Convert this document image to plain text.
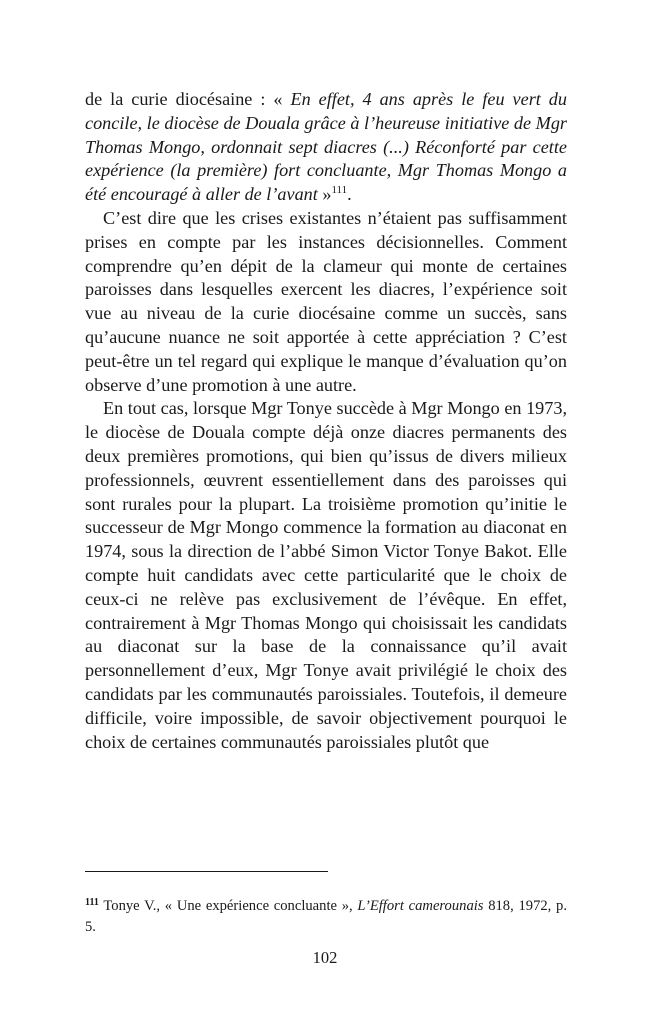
de la curie diocésaine : « En effet, 4 ans après le feu vert du concile, le diocèse de Douala grâce à l’heureuse initiative de Mgr Thomas Mongo, ordonnait sept diacres (...) Réconforté par cette expérience (la première) fort concluante, Mgr Thomas Mongo a été encouragé à aller de l’avant »$^{111}$.

C’est dire que les crises existantes n’étaient pas suffisamment prises en compte par les instances décisionnelles. Comment comprendre qu’en dépit de la clameur qui monte de certaines paroisses dans lesquelles exercent les diacres, l’expérience soit vue au niveau de la curie diocésaine comme un succès, sans qu’aucune nuance ne soit apportée à cette appréciation ? C’est peut-être un tel regard qui explique le manque d’évaluation qu’on observe d’une promotion à une autre.

En tout cas, lorsque Mgr Tonye succède à Mgr Mongo en 1973, le diocèse de Douala compte déjà onze diacres permanents des deux premières promotions, qui bien qu’issus de divers milieux professionnels, œuvrent essentiellement dans des paroisses qui sont rurales pour la plupart. La troisième promotion qu’initie le successeur de Mgr Mongo commence la formation au diaconat en 1974, sous la direction de l’abbé Simon Victor Tonye Bakot. Elle compte huit candidats avec cette particularité que le choix de ceux-ci ne relève pas exclusivement de l’évêque. En effet, contrairement à Mgr Thomas Mongo qui choisissait les candidats au diaconat sur la base de la connaissance qu’il avait personnellement d’eux, Mgr Tonye avait privilégié le choix des candidats par les communautés paroissiales. Toutefois, il demeure difficile, voire impossible, de savoir objectivement pourquoi le choix de certaines communautés paroissiales plutôt que

$^{111}$ Tonye V., « Une expérience concluante », L’Effort camerounais 818, 1972, p. 5.

102
